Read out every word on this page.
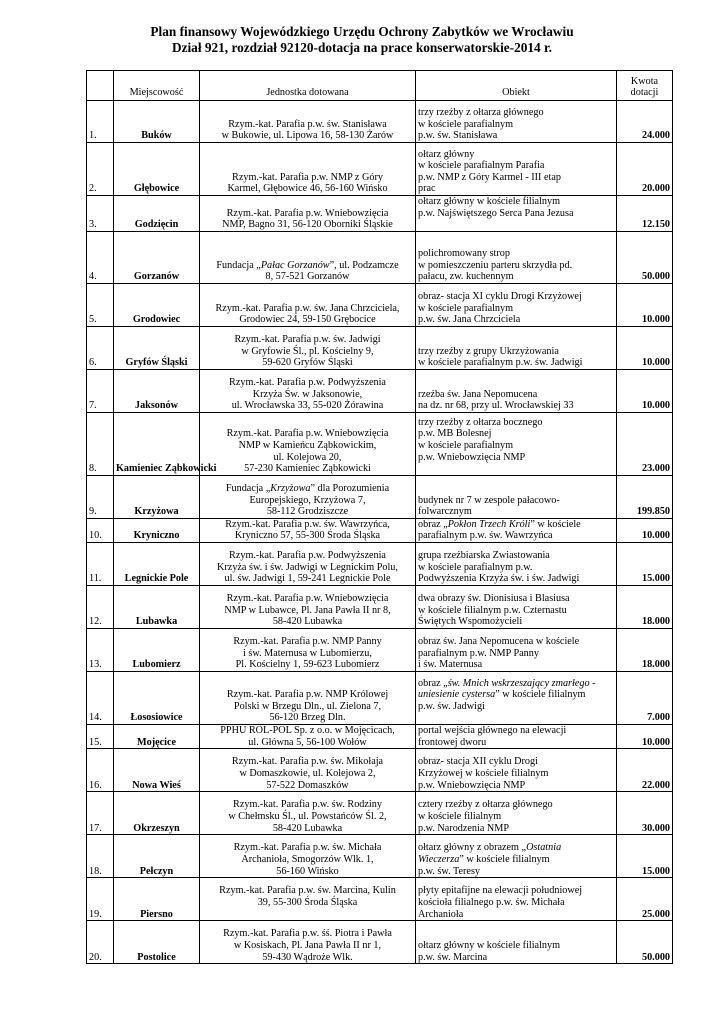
Plan finansowy Wojewódzkiego Urzędu Ochrony Zabytków we Wrocławiu
Dział 921, rozdział 92120-dotacja na prace konserwatorskie-2014 r.
	Miejscowość	Jednostka dotowana	Obiekt	Kwota
dotacji

1.	Buków	Rzym.-kat. Parafia p.w. św. Stanisława
w Bukowie, ul. Lipowa 16, 58-130 Żarów	trzy rzeźby z ołtarza głównego
w kościele parafialnym
p.w. św. Stanisława	24.000
2.	Głębowice	Rzym.-kat. Parafia p.w. NMP z Góry
Karmel, Głębowice 46, 56-160 Wińsko	ołtarz główny
w kościele parafialnym Parafia
p.w. NMP z Góry Karmel - III etap
prac	20.000
3.	Godzięcin	Rzym.-kat. Parafia p.w. Wniebowzięcia
NMP, Bagno 31, 56-120 Oborniki Śląskie	ołtarz główny w kościele filialnym
p.w. Najświętszego Serca Pana Jezusa	12.150
4.	Gorzanów	Fundacja „Pałac Gorzanów”, ul. Podzamcze
8, 57-521 Gorzanów	polichromowany strop
w pomieszczeniu parteru skrzydła pd.
pałacu, zw. kuchennym	50.000
5.	Grodowiec	Rzym.-kat. Parafia p.w. św. Jana Chrzciciela,
Grodowiec 24, 59-150 Grębocice	obraz- stacja XI cyklu Drogi Krzyżowej
w kościele parafialnym
p.w. św. Jana Chrzciciela	10.000
6.	Gryfów Śląski	Rzym.-kat. Parafia p.w. św. Jadwigi
w Gryfowie Śl., pl. Kościelny 9,
59-620 Gryfów Śląski	trzy rzeźby z grupy Ukrzyżowania
w kościele parafialnym p.w. św. Jadwigi	10.000
7.	Jaksonów	Rzym.-kat. Parafia p.w. Podwyższenia
Krzyża Św. w Jaksonowie,
ul. Wrocławska 33, 55-020 Żórawina	rzeźba św. Jana Nepomucena
na dz. nr 68, przy ul. Wrocławskiej 33	10.000
8.	Kamieniec Ząbkowicki	Rzym.-kat. Parafia p.w. Wniebowzięcia
NMP w Kamieńcu Ząbkowickim,
ul. Kolejowa 20,
57-230 Kamieniec Ząbkowicki	trzy rzeźby z ołtarza bocznego
p.w. MB Bolesnej
w kościele parafialnym
p.w. Wniebowzięcia NMP	23.000
9.	Krzyżowa	Fundacja „Krzyżowa” dla Porozumienia
Europejskiego, Krzyżowa 7,
58-112 Grodziszcze	budynek nr 7 w zespole pałacowo-
folwarcznym	199.850
10.	Kryniczno	Rzym.-kat. Parafia p.w. św. Wawrzyńca,
Kryniczno 57, 55-300 Środa Śląska	obraz „Pokłon Trzech Króli” w kościele
parafialnym p.w. św. Wawrzyńca	10.000
11.	Legnickie Pole	Rzym.-kat. Parafia p.w. Podwyższenia
Krzyża św. i św. Jadwigi w Legnickim Polu,
ul. św. Jadwigi 1, 59-241 Legnickie Pole	grupa rzeźbiarska Zwiastowania
w kościele parafialnym p.w.
Podwyższenia Krzyża św. i św. Jadwigi	15.000
12.	Lubawka	Rzym.-kat. Parafia p.w. Wniebowzięcia
NMP w Lubawce, Pl. Jana Pawła II nr 8,
58-420 Lubawka	dwa obrazy św. Dionisiusa i Blasiusa
w kościele filialnym p.w. Czternastu
Świętych Wspomożycieli	18.000
13.	Lubomierz	Rzym.-kat. Parafia p.w. NMP Panny
i św. Maternusa w Lubomierzu,
Pl. Kościelny 1, 59-623 Lubomierz	obraz św. Jana Nepomucena w kościele
parafialnym p.w. NMP Panny
i św. Maternusa	18.000
14.	Łososiowice	Rzym.-kat. Parafia p.w. NMP Królowej
Polski w Brzegu Dln., ul. Zielona 7,
56-120 Brzeg Dln.	obraz „św. Mnich wskrzeszający zmarłego -
uniesienie cystersa” w kościele filialnym
p.w. św. Jadwigi	7.000
15.	Mojęcice	PPHU ROL-POL Sp. z o.o. w Mojęcicach,
ul. Główna 5, 56-100 Wołów	portal wejścia głównego na elewacji
frontowej dworu	10.000
16.	Nowa Wieś	Rzym.-kat. Parafia p.w. św. Mikołaja
w Domaszkowie, ul. Kolejowa 2,
57-522 Domaszków	obraz- stacja XII cyklu Drogi
Krzyżowej w kościele filialnym
p.w. Wniebowzięcia NMP	22.000
17.	Okrzeszyn	Rzym.-kat. Parafia p.w. św. Rodziny
w Chełmsku Śl., ul. Powstańców Śl. 2,
58-420 Lubawka	cztery rzeźby z ołtarza głównego
w kościele filialnym
p.w. Narodzenia NMP	30.000
18.	Pełczyn	Rzym.-kat. Parafia p.w. św. Michała
Archanioła, Smogorzów Wlk. 1,
56-160 Wińsko	ołtarz główny z obrazem „Ostatnia
Wieczerza” w kościele filialnym
p.w. św. Teresy	15.000
19.	Piersno	Rzym.-kat. Parafia p.w. św. Marcina, Kulin
39, 55-300 Środa Śląska	płyty epitafijne na elewacji południowej
kościoła filialnego p.w. św. Michała
Archanioła	25.000
20.	Postolice	Rzym.-kat. Parafia p.w. śś. Piotra i Pawła
w Kosiskach, Pl. Jana Pawła II nr 1,
59-430 Wądroże Wlk.	ołtarz główny w kościele filialnym
p.w. św. Marcina	50.000
